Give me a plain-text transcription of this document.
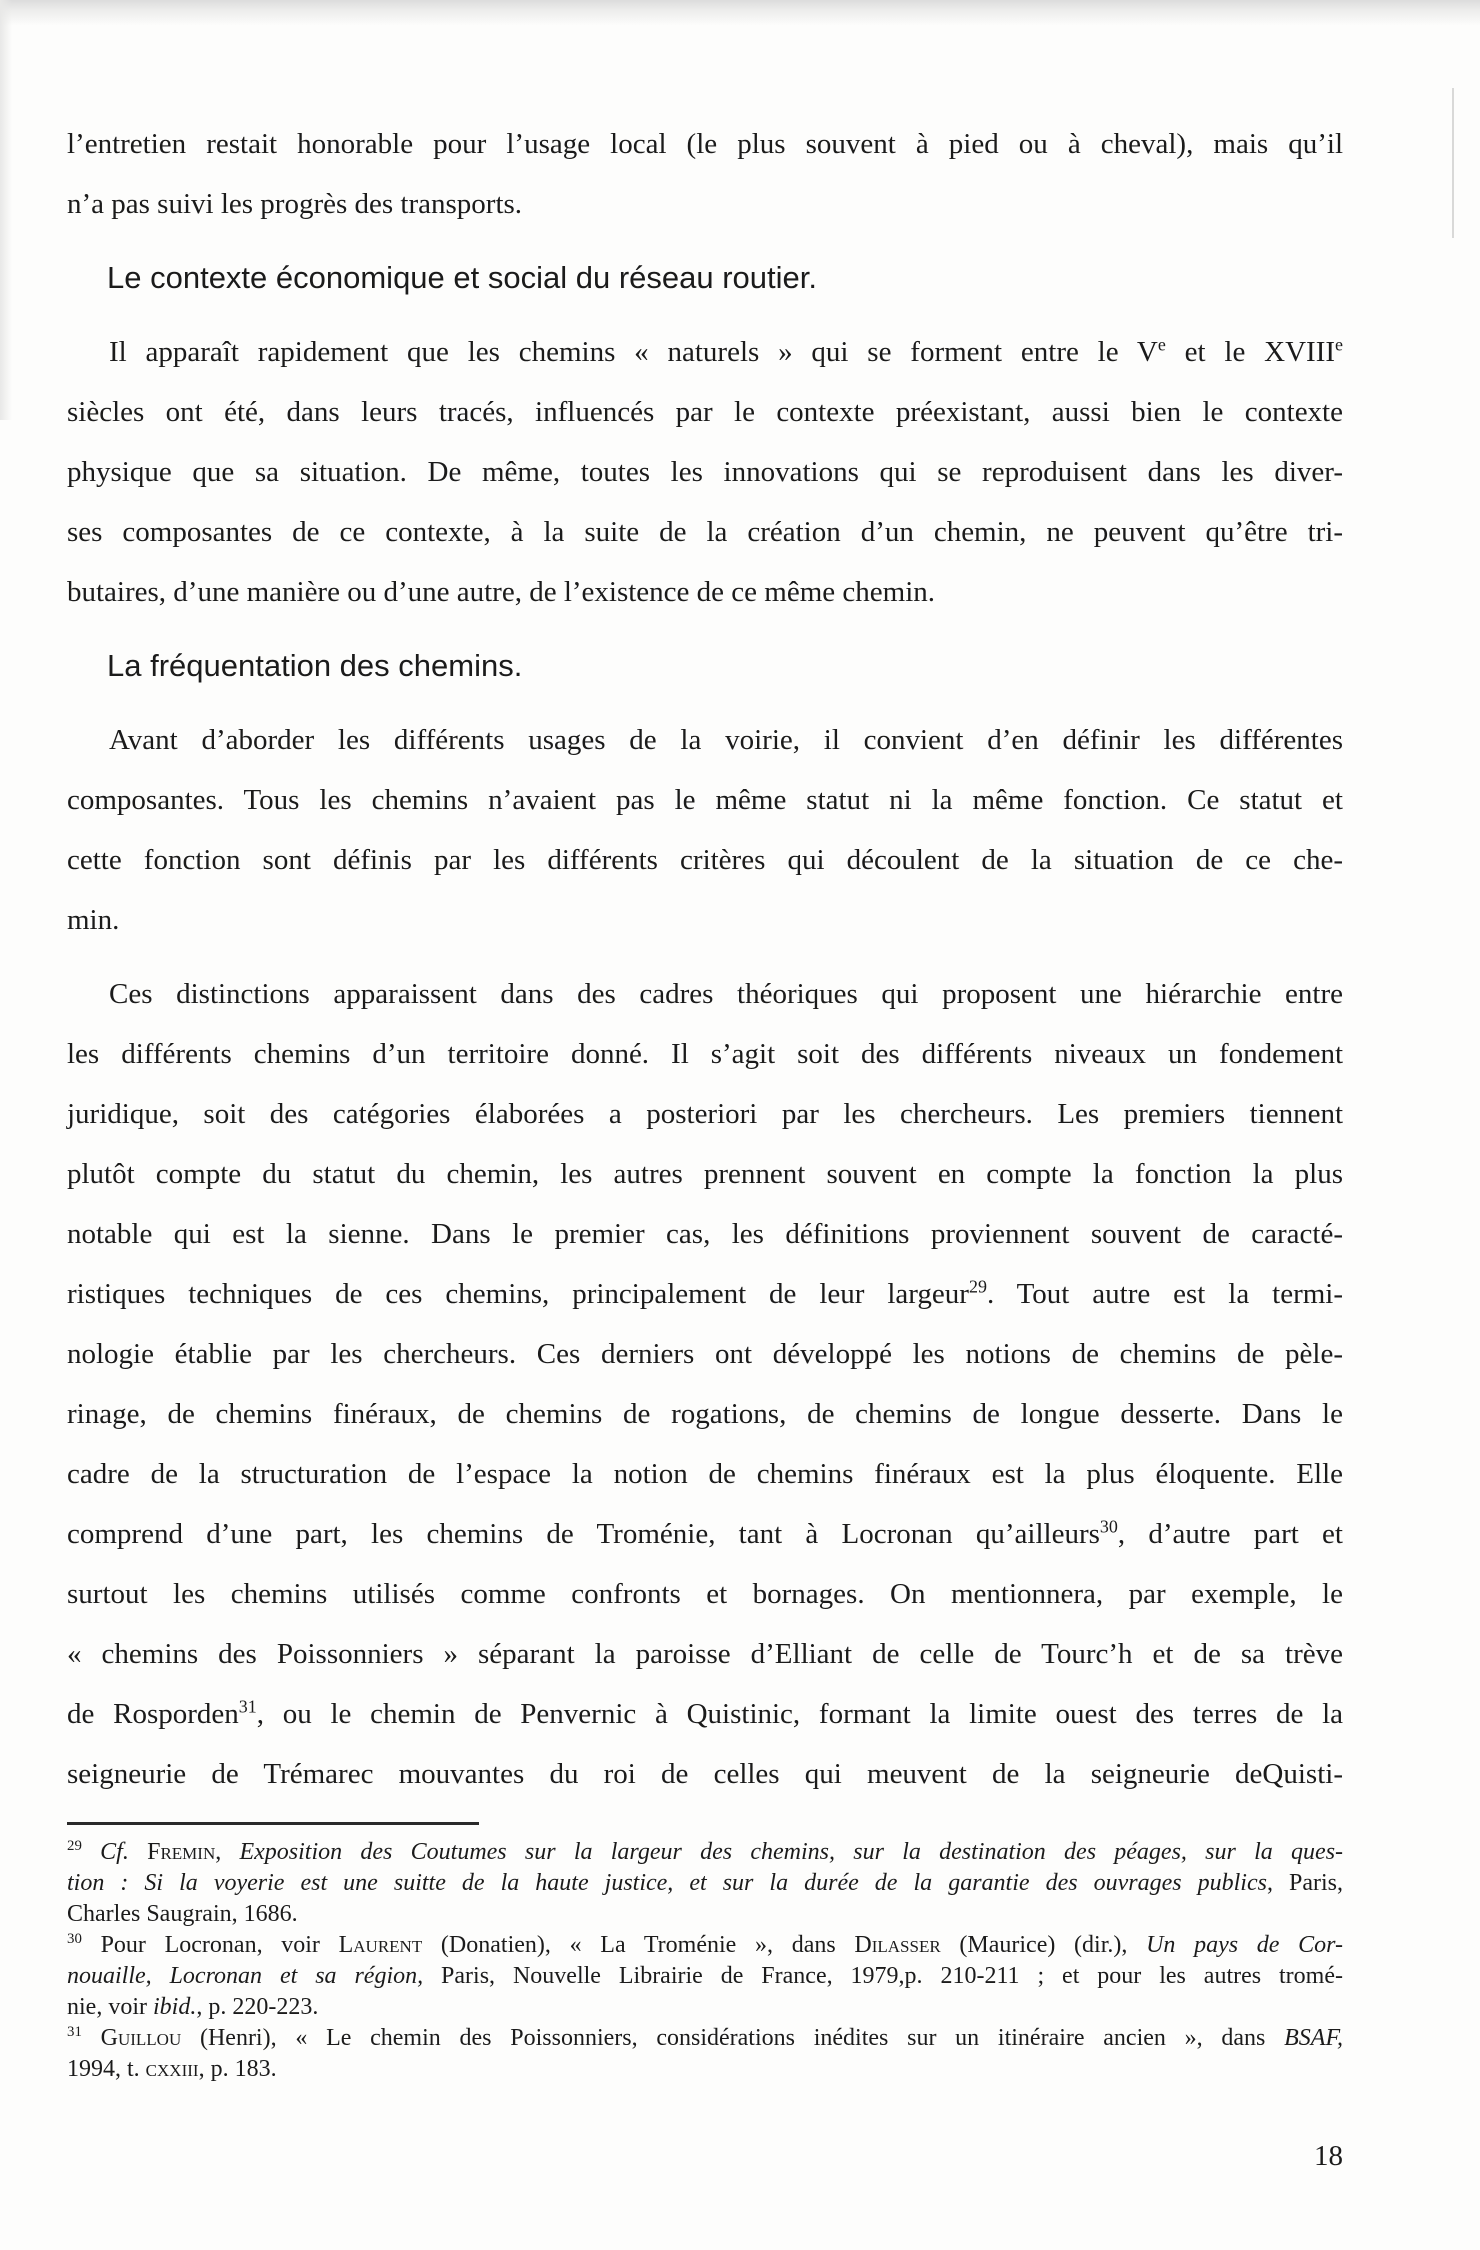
l’entretien restait honorable pour l’usage local (le plus souvent à pied ou à cheval), mais qu’il
n’a pas suivi les progrès des transports.
Le contexte économique et social du réseau routier.
Il apparaît rapidement que les chemins « naturels » qui se forment entre le Ve et le XVIIIe
siècles ont été, dans leurs tracés, influencés par le contexte préexistant, aussi bien le contexte
physique que sa situation. De même, toutes les innovations qui se reproduisent dans les diver-
ses composantes de ce contexte, à la suite de la création d’un chemin, ne peuvent qu’être tri-
butaires, d’une manière ou d’une autre, de l’existence de ce même chemin.
La fréquentation des chemins.
Avant d’aborder les différents usages de la voirie, il convient d’en définir les différentes
composantes. Tous les chemins n’avaient pas le même statut ni la même fonction. Ce statut et
cette fonction sont définis par les différents critères qui découlent de la situation de ce che-
min.
Ces distinctions apparaissent dans des cadres théoriques qui proposent une hiérarchie entre
les différents chemins d’un territoire donné. Il s’agit soit des différents niveaux un fondement
juridique, soit des catégories élaborées a posteriori par les chercheurs. Les premiers tiennent
plutôt compte du statut du chemin, les autres prennent souvent en compte la fonction la plus
notable qui est la sienne. Dans le premier cas, les définitions proviennent souvent de caracté-
ristiques techniques de ces chemins, principalement de leur largeur$^{29}$. Tout autre est la termi-
nologie établie par les chercheurs. Ces derniers ont développé les notions de chemins de pèle-
rinage, de chemins finéraux, de chemins de rogations, de chemins de longue desserte. Dans le
cadre de la structuration de l’espace la notion de chemins finéraux est la plus éloquente. Elle
comprend d’une part, les chemins de Troménie, tant à Locronan qu’ailleurs$^{30}$, d’autre part et
surtout les chemins utilisés comme confronts et bornages. On mentionnera, par exemple, le
« chemins des Poissonniers » séparant la paroisse d’Elliant de celle de Tourc’h et de sa trève
de Rosporden$^{31}$, ou le chemin de Penvernic à Quistinic, formant la limite ouest des terres de la
seigneurie de Trémarec mouvantes du roi de celles qui meuvent de la seigneurie deQuisti-
$^{29}$ Cf. Fremin, Exposition des Coutumes sur la largeur des chemins, sur la destination des péages, sur la ques-
tion : Si la voyerie est une suitte de la haute justice, et sur la durée de la garantie des ouvrages publics, Paris,
Charles Saugrain, 1686.
$^{30}$ Pour Locronan, voir Laurent (Donatien), « La Troménie », dans Dilasser (Maurice) (dir.), Un pays de Cor-
nouaille, Locronan et sa région, Paris, Nouvelle Librairie de France, 1979,p. 210-211 ; et pour les autres tromé-
nie, voir ibid., p. 220-223.
$^{31}$ Guillou (Henri), « Le chemin des Poissonniers, considérations inédites sur un itinéraire ancien », dans BSAF,
1994, t. cxxiii, p. 183.
18
